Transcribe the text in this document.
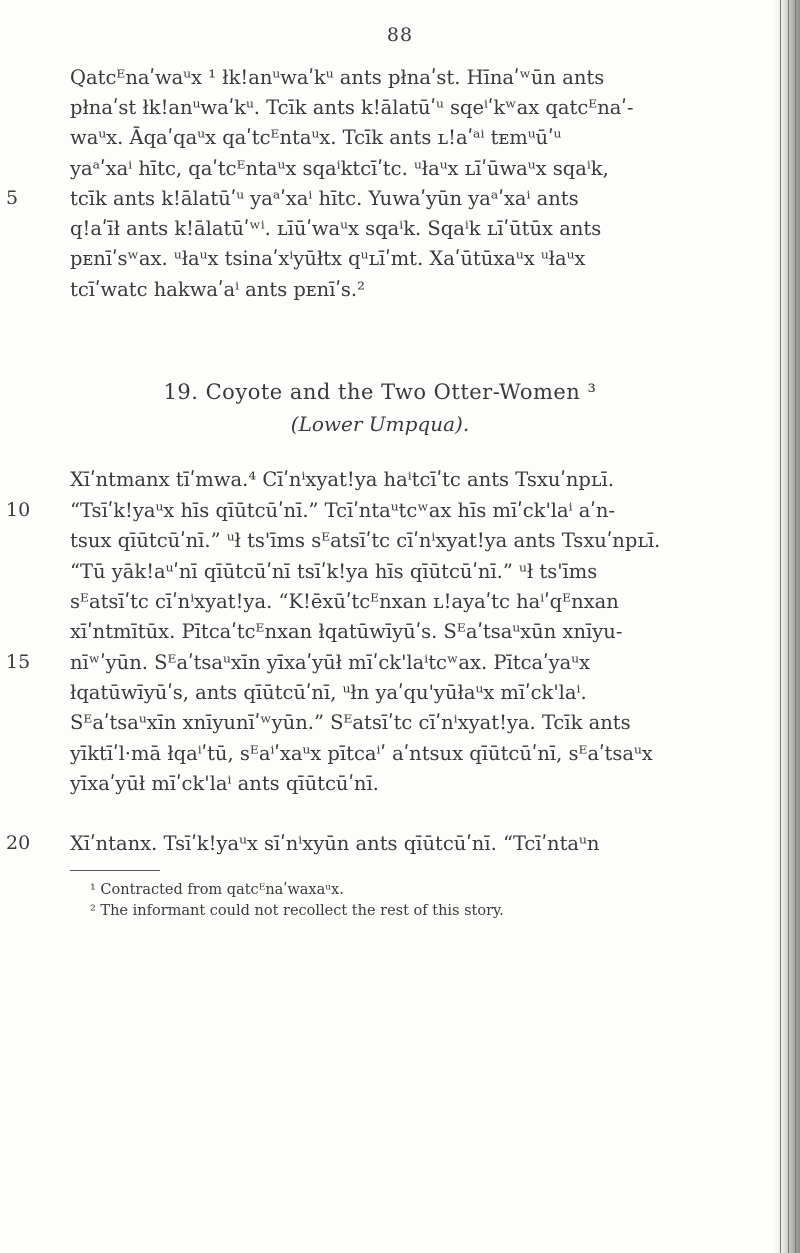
88
Qatcᴱnaʹwaᵘx ¹ łk!anᵘwaʹkᵘ ants płnaʹst. Hīnaʹʷūn ants
płnaʹst łk!anᵘwaʹkᵘ. Tcīk ants k!ālatūʹᵘ sqeⁱʹkʷax qatcᴱnaʹ-
waᵘx. Āqaʹqaᵘx qaʹtcᴱntaᵘx. Tcīk ants ʟ!aʹᵃⁱ tᴇmᵘūʹᵘ
yaᵃʹxaⁱ hītc, qaʹtcᴱntaᵘx sqaⁱktcīʹtc. ᵘłaᵘx ʟīʹūwaᵘx sqaⁱk,
5	tcīk ants k!ālatūʹᵘ yaᵃʹxaⁱ hītc. Yuwaʹyūn yaᵃʹxaⁱ ants
q!aʹīł ants k!ālatūʹʷⁱ. ʟīūʹwaᵘx sqaⁱk. Sqaⁱk ʟīʹūtūx ants
pᴇnīʹsʷax. ᵘłaᵘx tsinaʹxⁱyūłtx qᵘʟīʹmt. Xaʹūtūxaᵘx ᵘłaᵘx
tcīʹwatc hakwaʹaⁱ ants pᴇnīʹs.²
19. Coyote and the Two Otter-Women ³
(Lower Umpqua).
Xīʹntmanx tīʹmwa.⁴ Cīʹnⁱxyat!ya haⁱtcīʹtc ants Tsxuʹnpʟī.
10	“Tsīʹk!yaᵘx hīs qīūtcūʹnī.” Tcīʹntaᵘtcʷax hīs mīʹck'laⁱ aʹn-
tsux qīūtcūʹnī.” ᵘł ts'īms sᴱatsīʹtc cīʹnⁱxyat!ya ants Tsxuʹnpʟī.
“Tū yāk!aᵘʹnī qīūtcūʹnī tsīʹk!ya hīs qīūtcūʹnī.” ᵘł ts'īms
sᴱatsīʹtc cīʹnⁱxyat!ya. “K!ēxūʹtcᴱnxan ʟ!ayaʹtc haⁱʹqᴱnxan
xīʹntmītūx. Pītcaʹtcᴱnxan łqatūwīyūʹs. Sᴱaʹtsaᵘxūn xnīyu-
15	nīʷʹyūn. Sᴱaʹtsaᵘxīn yīxaʹyūł mīʹck'laⁱtcʷax. Pītcaʹyaᵘx
łqatūwīyūʹs, ants qīūtcūʹnī, ᵘłn yaʹqu'yūłaᵘx mīʹck'laⁱ.
Sᴱaʹtsaᵘxīn xnīyunīʹʷyūn.” Sᴱatsīʹtc cīʹnⁱxyat!ya. Tcīk ants
yīktīʹl·mā łqaⁱʹtū, sᴱaⁱʹxaᵘx pītcaⁱʹ aʹntsux qīūtcūʹnī, sᴱaʹtsaᵘx
yīxaʹyūł mīʹck'laⁱ ants qīūtcūʹnī.
20	Xīʹntanx. Tsīʹk!yaᵘx sīʹnⁱxyūn ants qīūtcūʹnī. “Tcīʹntaᵘn
¹ Contracted from qatcᴱnaʹwaxaᵘx.
² The informant could not recollect the rest of this story.
